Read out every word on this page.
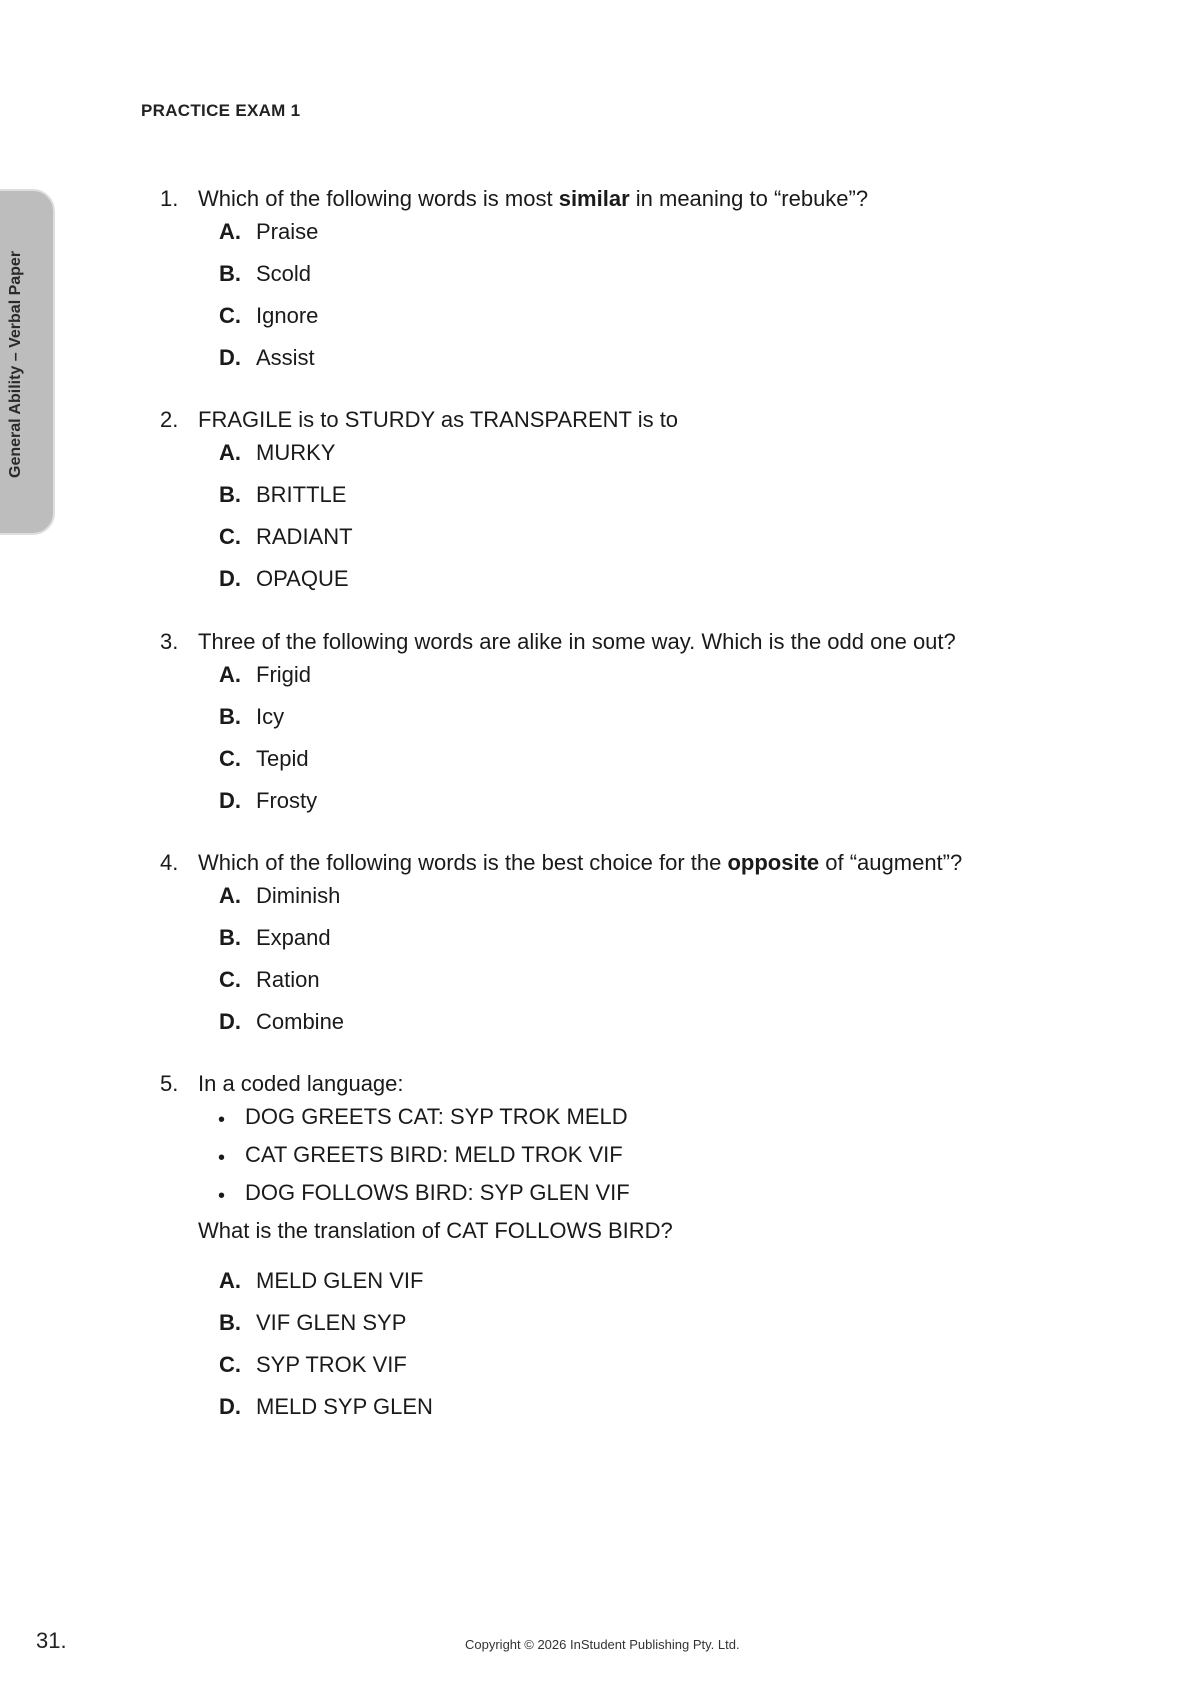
PRACTICE EXAM 1
General Ability – Verbal Paper
1. Which of the following words is most similar in meaning to “rebuke”?
A. Praise
B. Scold
C. Ignore
D. Assist
2. FRAGILE is to STURDY as TRANSPARENT is to
A. MURKY
B. BRITTLE
C. RADIANT
D. OPAQUE
3. Three of the following words are alike in some way. Which is the odd one out?
A. Frigid
B. Icy
C. Tepid
D. Frosty
4. Which of the following words is the best choice for the opposite of “augment”?
A. Diminish
B. Expand
C. Ration
D. Combine
5. In a coded language:
• DOG GREETS CAT: SYP TROK MELD
• CAT GREETS BIRD: MELD TROK VIF
• DOG FOLLOWS BIRD: SYP GLEN VIF
What is the translation of CAT FOLLOWS BIRD?
A. MELD GLEN VIF
B. VIF GLEN SYP
C. SYP TROK VIF
D. MELD SYP GLEN
31.	Copyright © 2026 InStudent Publishing Pty. Ltd.
